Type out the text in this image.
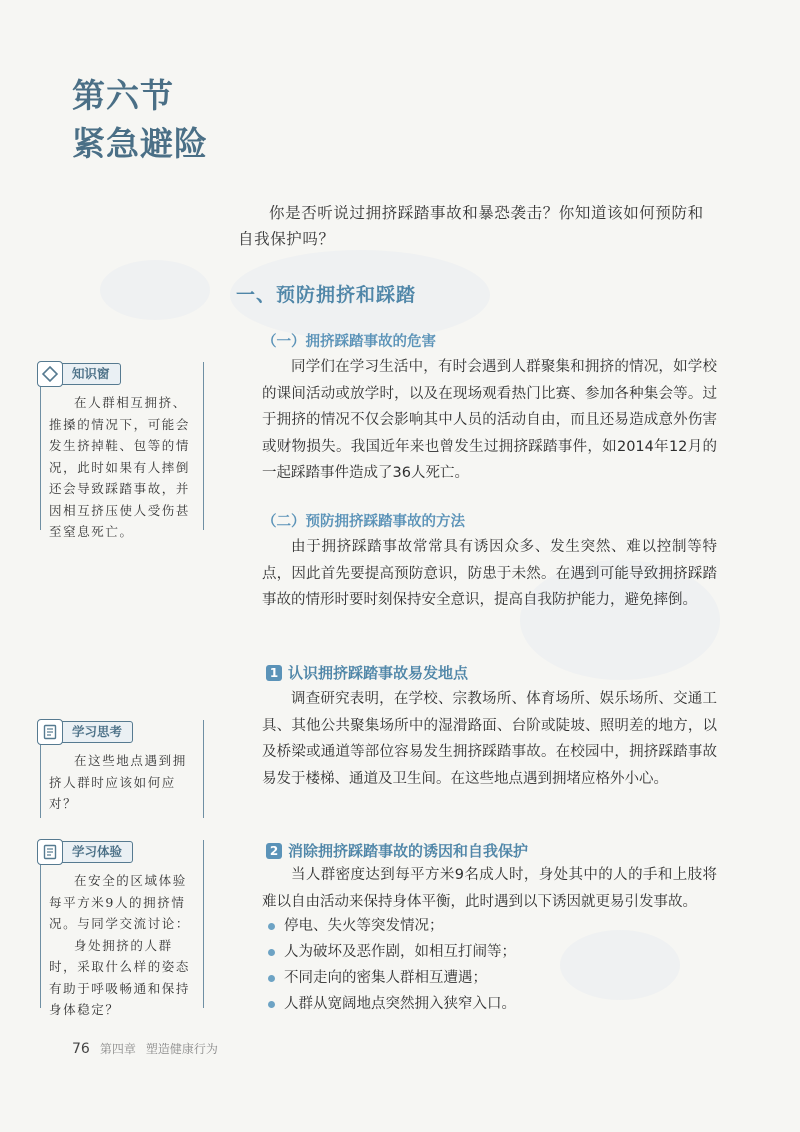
第六节
紧急避险
你是否听说过拥挤踩踏事故和暴恐袭击？你知道该如何预防和自我保护吗？
一、预防拥挤和踩踏
（一）拥挤踩踏事故的危害
同学们在学习生活中，有时会遇到人群聚集和拥挤的情况，如学校的课间活动或放学时，以及在现场观看热门比赛、参加各种集会等。过于拥挤的情况不仅会影响其中人员的活动自由，而且还易造成意外伤害或财物损失。我国近年来也曾发生过拥挤踩踏事件，如2014年12月的一起踩踏事件造成了36人死亡。
（二）预防拥挤踩踏事故的方法
由于拥挤踩踏事故常常具有诱因众多、发生突然、难以控制等特点，因此首先要提高预防意识，防患于未然。在遇到可能导致拥挤踩踏事故的情形时要时刻保持安全意识，提高自我防护能力，避免摔倒。
1 认识拥挤踩踏事故易发地点
调查研究表明，在学校、宗教场所、体育场所、娱乐场所、交通工具、其他公共聚集场所中的湿滑路面、台阶或陡坡、照明差的地方，以及桥梁或通道等部位容易发生拥挤踩踏事故。在校园中，拥挤踩踏事故易发于楼梯、通道及卫生间。在这些地点遇到拥堵应格外小心。
2 消除拥挤踩踏事故的诱因和自我保护
当人群密度达到每平方米9名成人时，身处其中的人的手和上肢将难以自由活动来保持身体平衡，此时遇到以下诱因就更易引发事故。
停电、失火等突发情况；
人为破坏及恶作剧，如相互打闹等；
不同走向的密集人群相互遭遇；
人群从宽阔地点突然拥入狭窄入口。
知识窗

在人群相互拥挤、推搡的情况下，可能会发生挤掉鞋、包等的情况，此时如果有人摔倒还会导致踩踏事故，并因相互挤压使人受伤甚至窒息死亡。

学习思考

在这些地点遇到拥挤人群时应该如何应对？

学习体验

在安全的区域体验每平方米9人的拥挤情况。与同学交流讨论：

身处拥挤的人群时，采取什么样的姿态有助于呼吸畅通和保持身体稳定？

76 第四章 塑造健康行为
